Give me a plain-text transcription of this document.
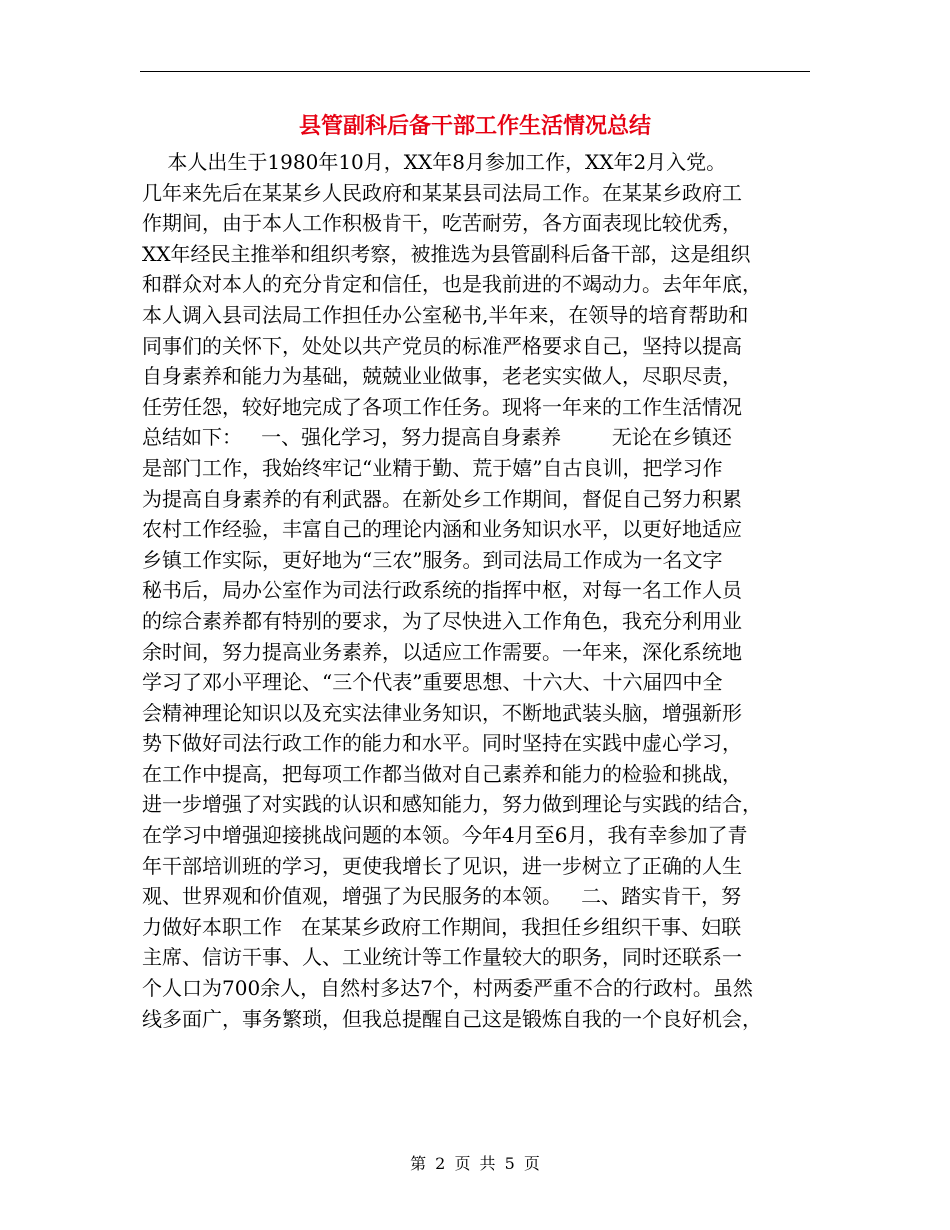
县管副科后备干部工作生活情况总结
本人出生于1980年10月，XX年8月参加工作，XX年2月入党。
几年来先后在某某乡人民政府和某某县司法局工作。在某某乡政府工
作期间，由于本人工作积极肯干，吃苦耐劳，各方面表现比较优秀，
XX年经民主推举和组织考察，被推选为县管副科后备干部，这是组织
和群众对本人的充分肯定和信任，也是我前进的不竭动力。去年年底，
本人调入县司法局工作担任办公室秘书,半年来，在领导的培育帮助和
同事们的关怀下，处处以共产党员的标准严格要求自己，坚持以提高
自身素养和能力为基础，兢兢业业做事，老老实实做人，尽职尽责，
任劳任怨，较好地完成了各项工作任务。现将一年来的工作生活情况
总结如下：   一、强化学习，努力提高自身素养        无论在乡镇还
是部门工作，我始终牢记“业精于勤、荒于嬉”自古良训，把学习作
为提高自身素养的有利武器。在新处乡工作期间，督促自己努力积累
农村工作经验，丰富自己的理论内涵和业务知识水平，以更好地适应
乡镇工作实际，更好地为“三农”服务。到司法局工作成为一名文字
秘书后，局办公室作为司法行政系统的指挥中枢，对每一名工作人员
的综合素养都有特别的要求，为了尽快进入工作角色，我充分利用业
余时间，努力提高业务素养，以适应工作需要。一年来，深化系统地
学习了邓小平理论、“三个代表”重要思想、十六大、十六届四中全
会精神理论知识以及充实法律业务知识，不断地武装头脑，增强新形
势下做好司法行政工作的能力和水平。同时坚持在实践中虚心学习，
在工作中提高，把每项工作都当做对自己素养和能力的检验和挑战，
进一步增强了对实践的认识和感知能力，努力做到理论与实践的结合，
在学习中增强迎接挑战问题的本领。今年4月至6月，我有幸参加了青
年干部培训班的学习，更使我增长了见识，进一步树立了正确的人生
观、世界观和价值观，增强了为民服务的本领。   二、踏实肯干，努
力做好本职工作   在某某乡政府工作期间，我担任乡组织干事、妇联
主席、信访干事、人、工业统计等工作量较大的职务，同时还联系一
个人口为700余人，自然村多达7个，村两委严重不合的行政村。虽然
线多面广，事务繁琐，但我总提醒自己这是锻炼自我的一个良好机会，
第 2 页 共 5 页
